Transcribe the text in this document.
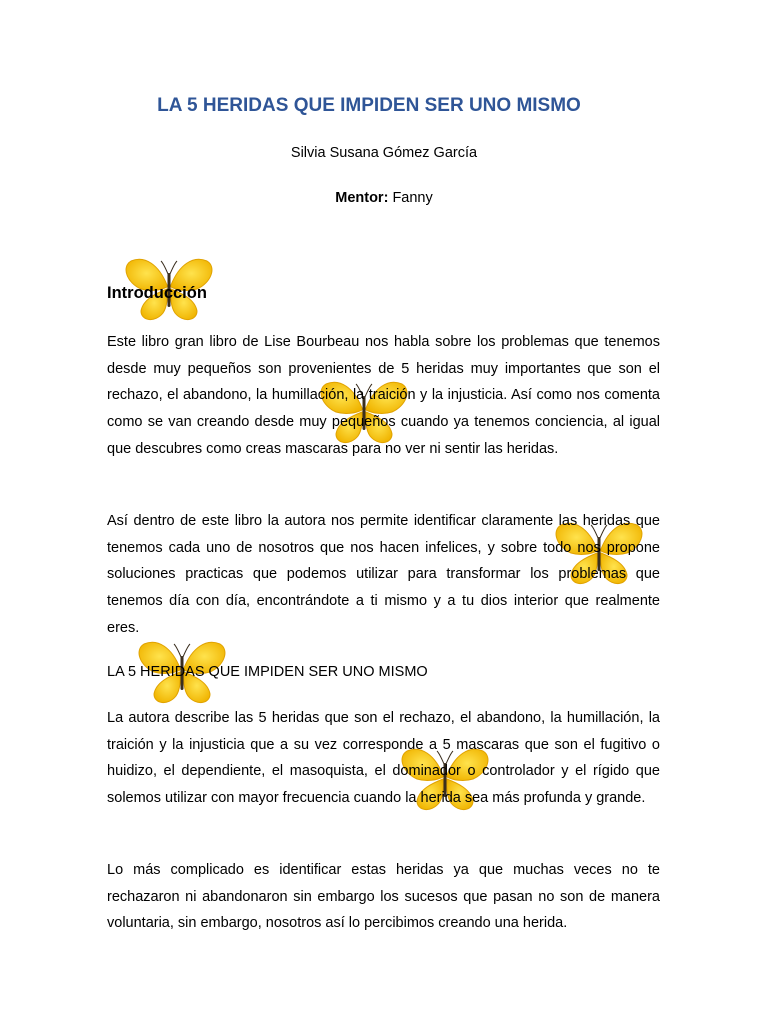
LA 5 HERIDAS QUE IMPIDEN SER UNO MISMO

Silvia Susana Gómez García

Mentor: Fanny

Introducción

Este libro gran libro de Lise Bourbeau nos habla sobre los problemas que tenemos desde muy pequeños son provenientes de 5 heridas muy importantes que son el rechazo, el abandono, la humillación, la traición y la injusticia. Así como nos comenta como se van creando desde muy pequeños cuando ya tenemos conciencia, al igual que descubres como creas mascaras para no ver ni sentir las heridas.

Así dentro de este libro la autora nos permite identificar claramente las heridas que tenemos cada uno de nosotros que nos hacen infelices, y sobre todo nos propone soluciones practicas que podemos utilizar para transformar los problemas que tenemos día con día, encontrándote a ti mismo y a tu dios interior que realmente eres.

LA 5 HERIDAS QUE IMPIDEN SER UNO MISMO

La autora describe las 5 heridas que son el rechazo, el abandono, la humillación, la traición y la injusticia que a su vez corresponde a 5 mascaras que son el fugitivo o huidizo, el dependiente, el masoquista, el dominador o controlador y el rígido que solemos utilizar con mayor frecuencia cuando la herida sea más profunda y grande.

Lo más complicado es identificar estas heridas ya que muchas veces no te rechazaron ni abandonaron sin embargo los sucesos que pasan no son de manera voluntaria, sin embargo, nosotros así lo percibimos creando una herida.
